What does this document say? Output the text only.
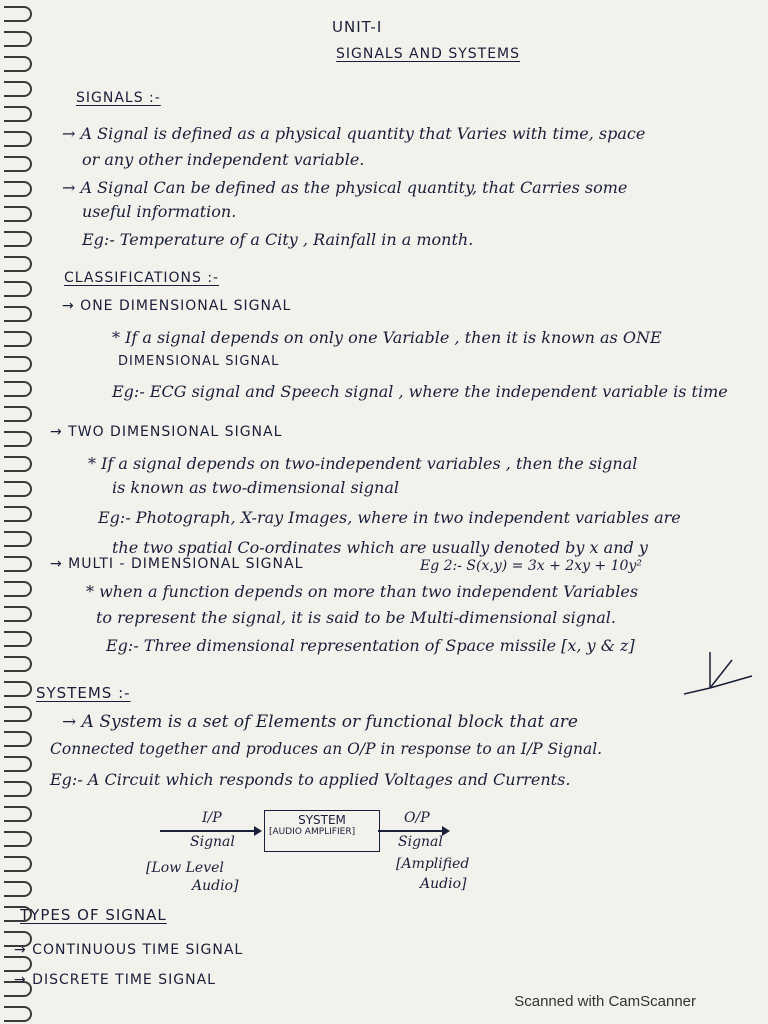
UNIT-I
SIGNALS AND SYSTEMS
SIGNALS :-
→ A Signal is defined as a physical quantity that Varies with time, space
or any other independent variable.
→ A Signal Can be defined as the physical quantity, that Carries some
useful information.
Eg:- Temperature of a City , Rainfall in a month.
CLASSIFICATIONS :-
→ ONE DIMENSIONAL SIGNAL
* If a signal depends on only one Variable , then it is known as ONE
DIMENSIONAL SIGNAL
Eg:- ECG signal and Speech signal , where the independent variable is time
→ TWO DIMENSIONAL SIGNAL
* If a signal depends on two-independent variables , then the signal
is known as two-dimensional signal
Eg:- Photograph, X-ray Images, where in two independent variables are
the two spatial Co-ordinates which are usually denoted by x and y
Eg 2:- S(x,y) = 3x + 2xy + 10y²
→ MULTI - DIMENSIONAL SIGNAL
* when a function depends on more than two independent Variables
to represent the signal, it is said to be Multi-dimensional signal.
Eg:- Three dimensional representation of Space missile [x, y & z]
SYSTEMS :-
→ A System is a set of Elements or functional block that are
Connected together and produces an O/P in response to an I/P Signal.
Eg:- A Circuit which responds to applied Voltages and Currents.
I/P
Signal
[Low Level
Audio]
SYSTEM
[AUDIO AMPLIFIER]
O/P
Signal
[Amplified
Audio]
TYPES OF SIGNAL
→ CONTINUOUS TIME SIGNAL
→ DISCRETE TIME SIGNAL
Scanned with CamScanner
